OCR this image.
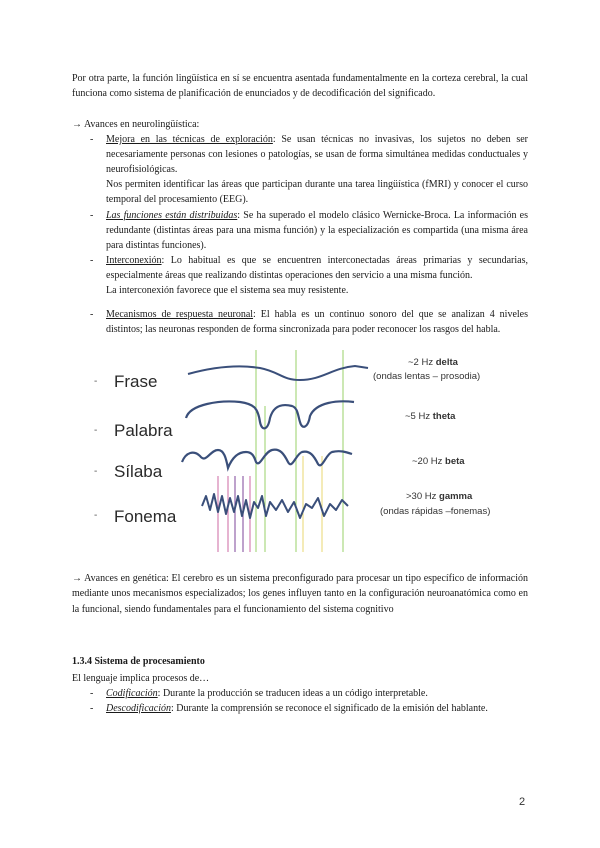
Por otra parte, la función lingüística en sí se encuentra asentada fundamentalmente en la corteza cerebral, la cual funciona como sistema de planificación de enunciados y de decodificación del significado.

→ Avances en neurolingüística:

- Mejora en las técnicas de exploración: Se usan técnicas no invasivas, los sujetos no deben ser necesariamente personas con lesiones o patologías, se usan de forma simultánea medidas conductuales y neurofisiológicas.

Nos permiten identificar las áreas que participan durante una tarea lingüística (fMRI) y conocer el curso temporal del procesamiento (EEG).

- Las funciones están distribuidas: Se ha superado el modelo clásico Wernicke-Broca. La información es redundante (distintas áreas para una misma función) y la especialización es compartida (una misma área para distintas funciones).

- Interconexión: Lo habitual es que se encuentren interconectadas áreas primarias y secundarias, especialmente áreas que realizando distintas operaciones den servicio a una misma función.

La interconexión favorece que el sistema sea muy resistente.

- Mecanismos de respuesta neuronal: El habla es un continuo sonoro del que se analizan 4 niveles distintos; las neuronas responden de forma sincronizada para poder reconocer los rasgos del habla.

- Frase
~2 Hz delta
(ondas lentas – prosodia)
- Palabra
~5 Hz theta
- Sílaba
~20 Hz beta
- Fonema
>30 Hz gamma
(ondas rápidas –fonemas)

→ Avances en genética: El cerebro es un sistema preconfigurado para procesar un tipo específico de información mediante unos mecanismos especializados; los genes influyen tanto en la configuración neuroanatómica como en la funcional, siendo fundamentales para el funcionamiento del sistema cognitivo

1.3.4 Sistema de procesamiento

El lenguaje implica procesos de…

- Codificación: Durante la producción se traducen ideas a un código interpretable.

- Descodificación: Durante la comprensión se reconoce el significado de la emisión del hablante.

2
